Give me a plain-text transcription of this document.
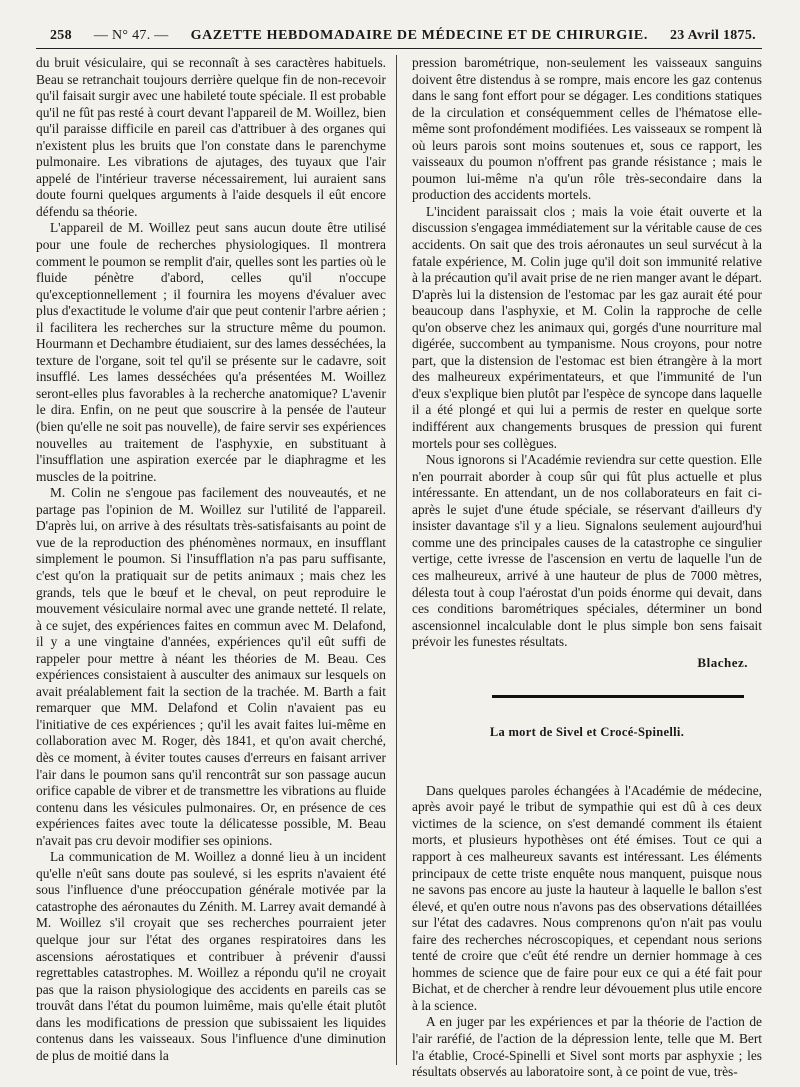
258 — N° 47. — GAZETTE HEBDOMADAIRE DE MÉDECINE ET DE CHIRURGIE. 23 Avril 1875.

du bruit vésiculaire, qui se reconnaît à ses caractères habituels. Beau se retranchait toujours derrière quelque fin de non-recevoir qu'il faisait surgir avec une habileté toute spéciale. Il est probable qu'il ne fût pas resté à court devant l'appareil de M. Woillez, bien qu'il paraisse difficile en pareil cas d'attribuer à des organes qui n'existent plus les bruits que l'on constate dans le parenchyme pulmonaire. Les vibrations de ajutages, des tuyaux que l'air appelé de l'intérieur traverse nécessairement, lui auraient sans doute fourni quelques arguments à l'aide desquels il eût encore défendu sa théorie.

L'appareil de M. Woillez peut sans aucun doute être utilisé pour une foule de recherches physiologiques. Il montrera comment le poumon se remplit d'air, quelles sont les parties où le fluide pénètre d'abord, celles qu'il n'occupe qu'exceptionnellement ; il fournira les moyens d'évaluer avec plus d'exactitude le volume d'air que peut contenir l'arbre aérien ; il facilitera les recherches sur la structure même du poumon. Hourmann et Dechambre étudiaient, sur des lames desséchées, la texture de l'organe, soit tel qu'il se présente sur le cadavre, soit insufflé. Les lames desséchées qu'a présentées M. Woillez seront-elles plus favorables à la recherche anatomique? L'avenir le dira. Enfin, on ne peut que souscrire à la pensée de l'auteur (bien qu'elle ne soit pas nouvelle), de faire servir ses expériences nouvelles au traitement de l'asphyxie, en substituant à l'insufflation une aspiration exercée par le diaphragme et les muscles de la poitrine.

M. Colin ne s'engoue pas facilement des nouveautés, et ne partage pas l'opinion de M. Woillez sur l'utilité de l'appareil. D'après lui, on arrive à des résultats très-satisfaisants au point de vue de la reproduction des phénomènes normaux, en insufflant simplement le poumon. Si l'insufflation n'a pas paru suffisante, c'est qu'on la pratiquait sur de petits animaux ; mais chez les grands, tels que le bœuf et le cheval, on peut reproduire le mouvement vésiculaire normal avec une grande netteté. Il relate, à ce sujet, des expériences faites en commun avec M. Delafond, il y a une vingtaine d'années, expériences qu'il eût suffi de rappeler pour mettre à néant les théories de M. Beau. Ces expériences consistaient à ausculter des animaux sur lesquels on avait préalablement fait la section de la trachée. M. Barth a fait remarquer que MM. Delafond et Colin n'avaient pas eu l'initiative de ces expériences ; qu'il les avait faites lui-même en collaboration avec M. Roger, dès 1841, et qu'on avait cherché, dès ce moment, à éviter toutes causes d'erreurs en faisant arriver l'air dans le poumon sans qu'il rencontrât sur son passage aucun orifice capable de vibrer et de transmettre les vibrations au fluide contenu dans les vésicules pulmonaires. Or, en présence de ces expériences faites avec toute la délicatesse possible, M. Beau n'avait pas cru devoir modifier ses opinions.

La communication de M. Woillez a donné lieu à un incident qu'elle n'eût sans doute pas soulevé, si les esprits n'avaient été sous l'influence d'une préoccupation générale motivée par la catastrophe des aéronautes du Zénith. M. Larrey avait demandé à M. Woillez s'il croyait que ses recherches pourraient jeter quelque jour sur l'état des organes respiratoires dans les ascensions aérostatiques et contribuer à prévenir d'aussi regrettables catastrophes. M. Woillez a répondu qu'il ne croyait pas que la raison physiologique des accidents en pareils cas se trouvât dans l'état du poumon luimême, mais qu'elle était plutôt dans les modifications de pression que subissaient les liquides contenus dans les vaisseaux. Sous l'influence d'une diminution de plus de moitié dans la

pression barométrique, non-seulement les vaisseaux sanguins doivent être distendus à se rompre, mais encore les gaz contenus dans le sang font effort pour se dégager. Les conditions statiques de la circulation et conséquemment celles de l'hématose elle-même sont profondément modifiées. Les vaisseaux se rompent là où leurs parois sont moins soutenues et, sous ce rapport, les vaisseaux du poumon n'offrent pas grande résistance ; mais le poumon lui-même n'a qu'un rôle très-secondaire dans la production des accidents mortels.

L'incident paraissait clos ; mais la voie était ouverte et la discussion s'engagea immédiatement sur la véritable cause de ces accidents. On sait que des trois aéronautes un seul survécut à la fatale expérience, M. Colin juge qu'il doit son immunité relative à la précaution qu'il avait prise de ne rien manger avant le départ. D'après lui la distension de l'estomac par les gaz aurait été pour beaucoup dans l'asphyxie, et M. Colin la rapproche de celle qu'on observe chez les animaux qui, gorgés d'une nourriture mal digérée, succombent au tympanisme. Nous croyons, pour notre part, que la distension de l'estomac est bien étrangère à la mort des malheureux expérimentateurs, et que l'immunité de l'un d'eux s'explique bien plutôt par l'espèce de syncope dans laquelle il a été plongé et qui lui a permis de rester en quelque sorte indifférent aux changements brusques de pression qui furent mortels pour ses collègues.

Nous ignorons si l'Académie reviendra sur cette question. Elle n'en pourrait aborder à coup sûr qui fût plus actuelle et plus intéressante. En attendant, un de nos collaborateurs en fait ci-après le sujet d'une étude spéciale, se réservant d'ailleurs d'y insister davantage s'il y a lieu. Signalons seulement aujourd'hui comme une des principales causes de la catastrophe ce singulier vertige, cette ivresse de l'ascension en vertu de laquelle l'un de ces malheureux, arrivé à une hauteur de plus de 7000 mètres, délesta tout à coup l'aérostat d'un poids énorme qui devait, dans ces conditions barométriques spéciales, déterminer un bond ascensionnel incalculable dont le plus simple bon sens faisait prévoir les funestes résultats.

Blachez.
La mort de Sivel et Crocé-Spinelli.

Dans quelques paroles échangées à l'Académie de médecine, après avoir payé le tribut de sympathie qui est dû à ces deux victimes de la science, on s'est demandé comment ils étaient morts, et plusieurs hypothèses ont été émises. Tout ce qui a rapport à ces malheureux savants est intéressant. Les éléments principaux de cette triste enquête nous manquent, puisque nous ne savons pas encore au juste la hauteur à laquelle le ballon s'est élevé, et qu'en outre nous n'avons pas des observations détaillées sur l'état des cadavres. Nous comprenons qu'on n'ait pas voulu faire des recherches nécroscopiques, et cependant nous serions tenté de croire que c'eût été rendre un dernier hommage à ces hommes de science que de faire pour eux ce qui a été fait pour Bichat, et de chercher à rendre leur dévouement plus utile encore à la science.

A en juger par les expériences et par la théorie de l'action de l'air raréfié, de l'action de la dépression lente, telle que M. Bert l'a établie, Crocé-Spinelli et Sivel sont morts par asphyxie ; les résultats observés au laboratoire sont, à ce point de vue, très-
